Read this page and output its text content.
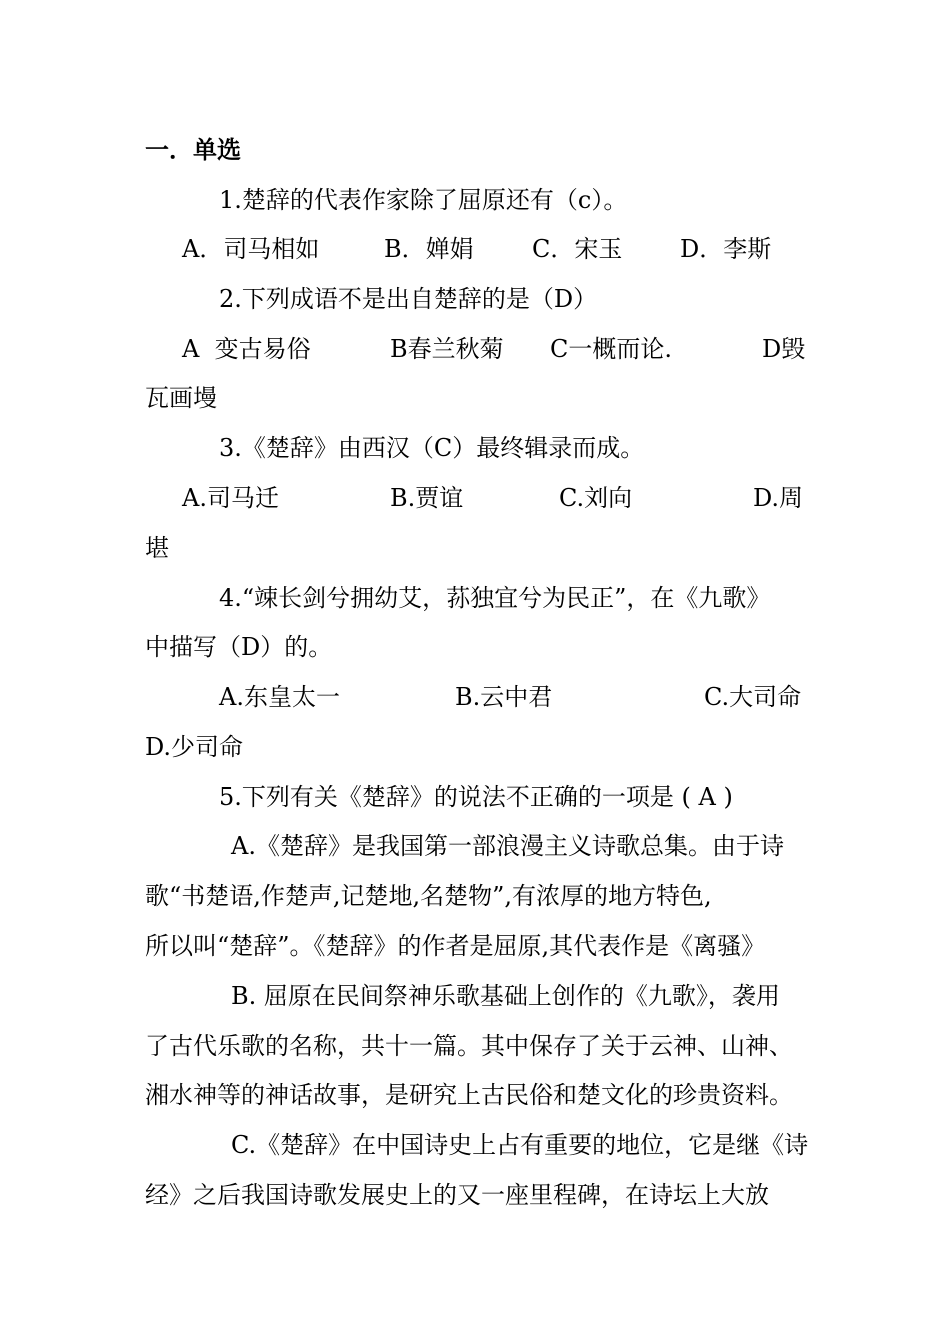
一．单选
1.楚辞的代表作家除了屈原还有（c）。
A．司马相如	B．婵娟 C．宋玉 D．李斯
2.下列成语不是出自楚辞的是（D）
A  变古易俗	B春兰秋菊 C一概而论.	D毁
瓦画墁
3.《楚辞》由西汉（C）最终辑录而成。
A.司马迁	B.贾谊	C.刘向	D.周
堪
4.“竦长剑兮拥幼艾，荪独宜兮为民正”，在《九歌》
中描写（D）的。
A.东皇太一	B.云中君	C.大司命
D.少司命
5.下列有关《楚辞》的说法不正确的一项是 ( A )
A.《楚辞》是我国第一部浪漫主义诗歌总集。由于诗
歌“书楚语,作楚声,记楚地,名楚物”,有浓厚的地方特色,
所以叫“楚辞”。《楚辞》的作者是屈原,其代表作是《离骚》
B. 屈原在民间祭神乐歌基础上创作的《九歌》，袭用
了古代乐歌的名称，共十一篇。其中保存了关于云神、山神、
湘水神等的神话故事，是研究上古民俗和楚文化的珍贵资料。
C.《楚辞》在中国诗史上占有重要的地位，它是继《诗
经》之后我国诗歌发展史上的又一座里程碑，在诗坛上大放
